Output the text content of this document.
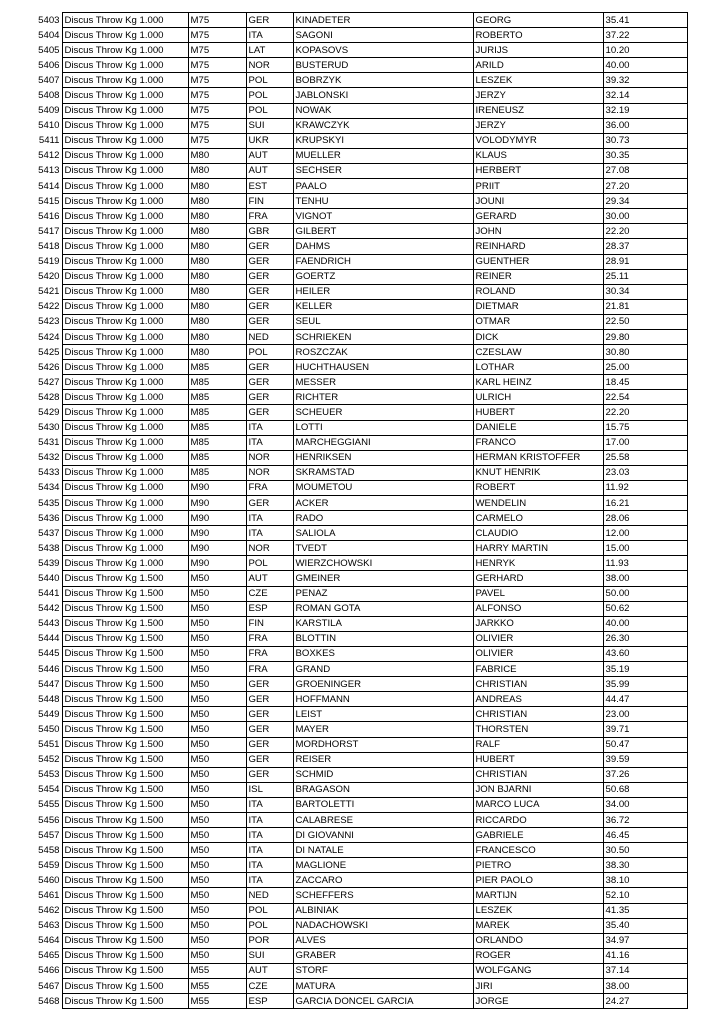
5403	Discus Throw Kg 1.000	M75	GER	KINADETER	GEORG	35.41
5404	Discus Throw Kg 1.000	M75	ITA	SAGONI	ROBERTO	37.22
5405	Discus Throw Kg 1.000	M75	LAT	KOPASOVS	JURIJS	10.20
5406	Discus Throw Kg 1.000	M75	NOR	BUSTERUD	ARILD	40.00
5407	Discus Throw Kg 1.000	M75	POL	BOBRZYK	LESZEK	39.32
5408	Discus Throw Kg 1.000	M75	POL	JABLONSKI	JERZY	32.14
5409	Discus Throw Kg 1.000	M75	POL	NOWAK	IRENEUSZ	32.19
5410	Discus Throw Kg 1.000	M75	SUI	KRAWCZYK	JERZY	36.00
5411	Discus Throw Kg 1.000	M75	UKR	KRUPSKYI	VOLODYMYR	30.73
5412	Discus Throw Kg 1.000	M80	AUT	MUELLER	KLAUS	30.35
5413	Discus Throw Kg 1.000	M80	AUT	SECHSER	HERBERT	27.08
5414	Discus Throw Kg 1.000	M80	EST	PAALO	PRIIT	27.20
5415	Discus Throw Kg 1.000	M80	FIN	TENHU	JOUNI	29.34
5416	Discus Throw Kg 1.000	M80	FRA	VIGNOT	GERARD	30.00
5417	Discus Throw Kg 1.000	M80	GBR	GILBERT	JOHN	22.20
5418	Discus Throw Kg 1.000	M80	GER	DAHMS	REINHARD	28.37
5419	Discus Throw Kg 1.000	M80	GER	FAENDRICH	GUENTHER	28.91
5420	Discus Throw Kg 1.000	M80	GER	GOERTZ	REINER	25.11
5421	Discus Throw Kg 1.000	M80	GER	HEILER	ROLAND	30.34
5422	Discus Throw Kg 1.000	M80	GER	KELLER	DIETMAR	21.81
5423	Discus Throw Kg 1.000	M80	GER	SEUL	OTMAR	22.50
5424	Discus Throw Kg 1.000	M80	NED	SCHRIEKEN	DICK	29.80
5425	Discus Throw Kg 1.000	M80	POL	ROSZCZAK	CZESLAW	30.80
5426	Discus Throw Kg 1.000	M85	GER	HUCHTHAUSEN	LOTHAR	25.00
5427	Discus Throw Kg 1.000	M85	GER	MESSER	KARL HEINZ	18.45
5428	Discus Throw Kg 1.000	M85	GER	RICHTER	ULRICH	22.54
5429	Discus Throw Kg 1.000	M85	GER	SCHEUER	HUBERT	22.20
5430	Discus Throw Kg 1.000	M85	ITA	LOTTI	DANIELE	15.75
5431	Discus Throw Kg 1.000	M85	ITA	MARCHEGGIANI	FRANCO	17.00
5432	Discus Throw Kg 1.000	M85	NOR	HENRIKSEN	HERMAN KRISTOFFER	25.58
5433	Discus Throw Kg 1.000	M85	NOR	SKRAMSTAD	KNUT HENRIK	23.03
5434	Discus Throw Kg 1.000	M90	FRA	MOUMETOU	ROBERT	11.92
5435	Discus Throw Kg 1.000	M90	GER	ACKER	WENDELIN	16.21
5436	Discus Throw Kg 1.000	M90	ITA	RADO	CARMELO	28.06
5437	Discus Throw Kg 1.000	M90	ITA	SALIOLA	CLAUDIO	12.00
5438	Discus Throw Kg 1.000	M90	NOR	TVEDT	HARRY MARTIN	15.00
5439	Discus Throw Kg 1.000	M90	POL	WIERZCHOWSKI	HENRYK	11.93
5440	Discus Throw Kg 1.500	M50	AUT	GMEINER	GERHARD	38.00
5441	Discus Throw Kg 1.500	M50	CZE	PENAZ	PAVEL	50.00
5442	Discus Throw Kg 1.500	M50	ESP	ROMAN GOTA	ALFONSO	50.62
5443	Discus Throw Kg 1.500	M50	FIN	KARSTILA	JARKKO	40.00
5444	Discus Throw Kg 1.500	M50	FRA	BLOTTIN	OLIVIER	26.30
5445	Discus Throw Kg 1.500	M50	FRA	BOXKES	OLIVIER	43.60
5446	Discus Throw Kg 1.500	M50	FRA	GRAND	FABRICE	35.19
5447	Discus Throw Kg 1.500	M50	GER	GROENINGER	CHRISTIAN	35.99
5448	Discus Throw Kg 1.500	M50	GER	HOFFMANN	ANDREAS	44.47
5449	Discus Throw Kg 1.500	M50	GER	LEIST	CHRISTIAN	23.00
5450	Discus Throw Kg 1.500	M50	GER	MAYER	THORSTEN	39.71
5451	Discus Throw Kg 1.500	M50	GER	MORDHORST	RALF	50.47
5452	Discus Throw Kg 1.500	M50	GER	REISER	HUBERT	39.59
5453	Discus Throw Kg 1.500	M50	GER	SCHMID	CHRISTIAN	37.26
5454	Discus Throw Kg 1.500	M50	ISL	BRAGASON	JON BJARNI	50.68
5455	Discus Throw Kg 1.500	M50	ITA	BARTOLETTI	MARCO LUCA	34.00
5456	Discus Throw Kg 1.500	M50	ITA	CALABRESE	RICCARDO	36.72
5457	Discus Throw Kg 1.500	M50	ITA	DI GIOVANNI	GABRIELE	46.45
5458	Discus Throw Kg 1.500	M50	ITA	DI NATALE	FRANCESCO	30.50
5459	Discus Throw Kg 1.500	M50	ITA	MAGLIONE	PIETRO	38.30
5460	Discus Throw Kg 1.500	M50	ITA	ZACCARO	PIER PAOLO	38.10
5461	Discus Throw Kg 1.500	M50	NED	SCHEFFERS	MARTIJN	52.10
5462	Discus Throw Kg 1.500	M50	POL	ALBINIAK	LESZEK	41.35
5463	Discus Throw Kg 1.500	M50	POL	NADACHOWSKI	MAREK	35.40
5464	Discus Throw Kg 1.500	M50	POR	ALVES	ORLANDO	34.97
5465	Discus Throw Kg 1.500	M50	SUI	GRABER	ROGER	41.16
5466	Discus Throw Kg 1.500	M55	AUT	STORF	WOLFGANG	37.14
5467	Discus Throw Kg 1.500	M55	CZE	MATURA	JIRI	38.00
5468	Discus Throw Kg 1.500	M55	ESP	GARCIA DONCEL GARCIA	JORGE	24.27
